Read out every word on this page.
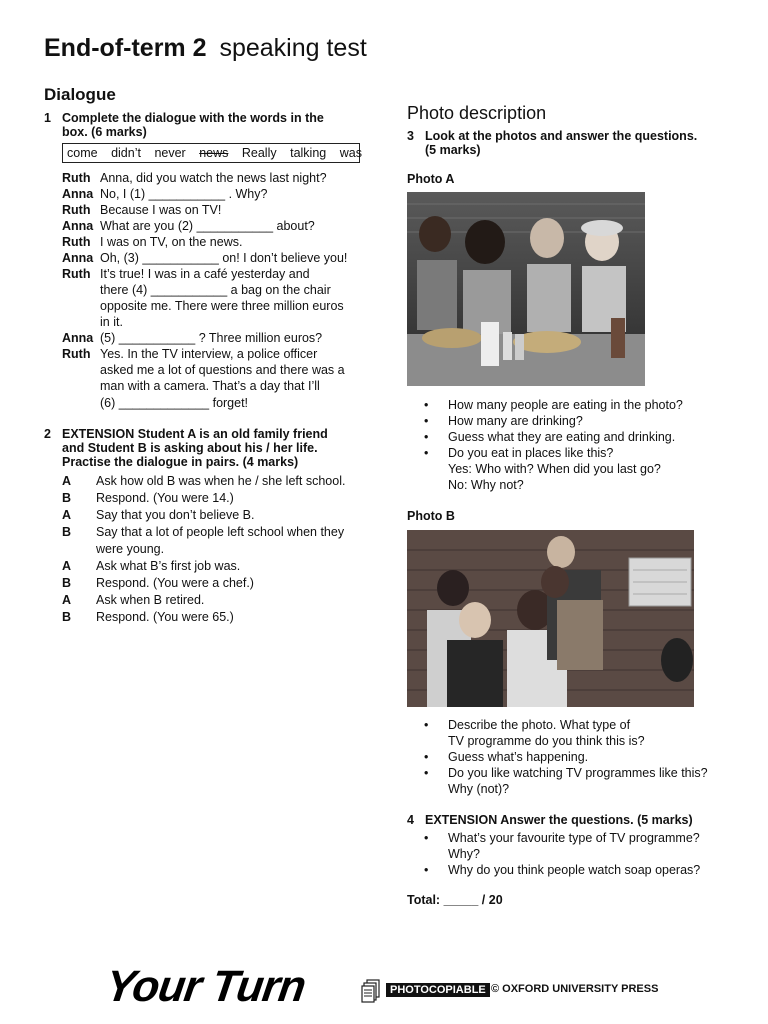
End-of-term 2 speaking test
Dialogue
1 Complete the dialogue with the words in the
box. (6 marks)
come didn’t never news Really talking was
Ruth Anna, did you watch the news last night?
Anna No, I (1) ___________ . Why?
Ruth Because I was on TV!
Anna What are you (2) ___________ about?
Ruth I was on TV, on the news.
Anna Oh, (3) ___________ on! I don’t believe you!
Ruth It’s true! I was in a café yesterday and
there (4) ___________ a bag on the chair
opposite me. There were three million euros
in it.
Anna (5) ___________ ? Three million euros?
Ruth Yes. In the TV interview, a police officer
asked me a lot of questions and there was a
man with a camera. That’s a day that I’ll
(6) _____________ forget!
2 EXTENSION Student A is an old family friend
and Student B is asking about his / her life.
Practise the dialogue in pairs. (4 marks)
A Ask how old B was when he / she left school.
B Respond. (You were 14.)
A Say that you don’t believe B.
B Say that a lot of people left school when they
were young.
A Ask what B’s first job was.
B Respond. (You were a chef.)
A Ask when B retired.
B Respond. (You were 65.)
Photo description
3 Look at the photos and answer the questions.
(5 marks)
Photo A
• How many people are eating in the photo?
• How many are drinking?
• Guess what they are eating and drinking.
• Do you eat in places like this?
Yes: Who with? When did you last go?
No: Why not?
Photo B
• Describe the photo. What type of
TV programme do you think this is?
• Guess what’s happening.
• Do you like watching TV programmes like this?
Why (not)?
4 EXTENSION Answer the questions. (5 marks)
• What’s your favourite type of TV programme?
Why?
• Why do you think people watch soap operas?
Total: _____ / 20
Your Turn	PHOTOCOPIABLE © OXFORD UNIVERSITY PRESS
